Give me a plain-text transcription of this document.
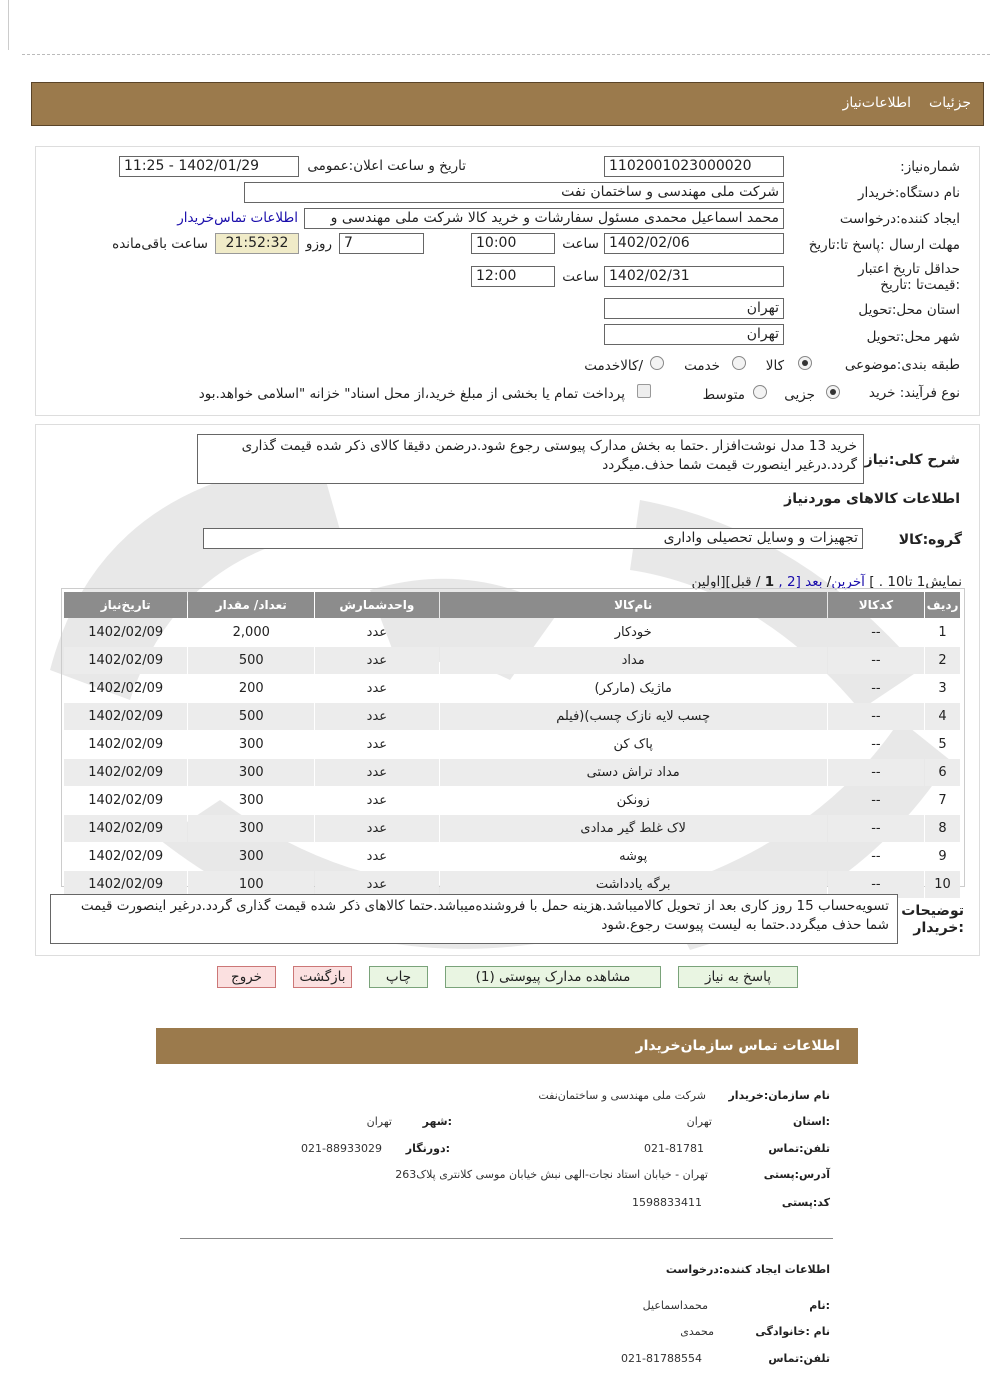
جزئیات
اطلاعات‌نیاز
شماره‌نیاز:
1102001023000020
تاریخ و ساعت اعلان:عمومی
1402/01/29 - 11:25
نام دستگاه:خریدار
شرکت ملی مهندسی و ساختمان نفت
ایجاد کننده:درخواست
محمد اسماعیل محمدی مسئول سفارشات و خرید کالا شرکت ملی مهندسی و
اطلاعات تماس‌خریدار
مهلت ارسال :پاسخ تا:تاریخ
1402/02/06
ساعت
10:00
7
روزو
21:52:32
ساعت باقی‌مانده
حداقل تاریخ اعتبار :قیمت‌تا :تاریخ
1402/02/31
ساعت
12:00
استان محل:تحویل
تهران
شهر محل:تحویل
تهران
طبقه بندی:موضوعی
کالا
خدمت
/کالاخدمت
نوع فرآیند: خرید
جزیی
متوسط
پرداخت تمام یا بخشی از مبلغ خرید،از محل اسناد" خزانه "اسلامی خواهد.بود
شرح کلی:نیاز
خرید 13 مدل نوشت‌افزار .حتما به بخش مدارک پیوستی رجوع شود.درضمن دقیقا کالای ذکر شده قیمت گذاری گردد.درغیر اینصورت قیمت شما حذف.میگردد
اطلاعات کالاهای موردنیاز
گروه:کالا
تجهیزات و وسایل تحصیلی واداری
نمایش1 تا10 . ] آخرین/ بعد [2 , 1 / قبل][اولین
ردیف	کدکالا	نام‌کالا	واحدشمارش	تعداد/ مقدار	تاریخ‌نیاز
1	--	خودکار	عدد	2,000	1402/02/09
2	--	مداد	عدد	500	1402/02/09
3	--	ماژیک (مارکر)	عدد	200	1402/02/09
4	--	چسب لایه نازک چسب)(فیلم	عدد	500	1402/02/09
5	--	پاک کن	عدد	300	1402/02/09
6	--	مداد تراش دستی	عدد	300	1402/02/09
7	--	زونکن	عدد	300	1402/02/09
8	--	لاک غلط گیر مدادی	عدد	300	1402/02/09
9	--	پوشه	عدد	300	1402/02/09
10	--	برگه یادداشت	عدد	100	1402/02/09
توضیحات :خریدار
تسویه‌حساب 15 روز کاری بعد از تحویل کالامیباشد.هزینه حمل با فروشنده‌میباشد.حتما کالاهای ذکر شده قیمت گذاری گردد.درغیر اینصورت قیمت شما حذف میگردد.حتما به لیست پیوست رجوع.شود
پاسخ به نیاز
مشاهده مدارک پیوستی (1)
چاپ
بازگشت
خروج
اطلاعات تماس سازمان‌خریدار
نام سازمان:خریدار
شرکت ملی مهندسی و ساختمان‌نفت
:استان
تهران
:شهر
تهران
تلفن:تماس
021-81781
:دورنگار
021-88933029
آدرس:پستی
تهران - خیابان استاد نجات-الهی نبش خیابان موسی کلانتری پلاک263
کد:پستی
1598833411
اطلاعات ایجاد کننده:درخواست
:نام
محمداسماعیل
نام :خانوادگی
محمدی
تلفن:تماس
021-81788554
